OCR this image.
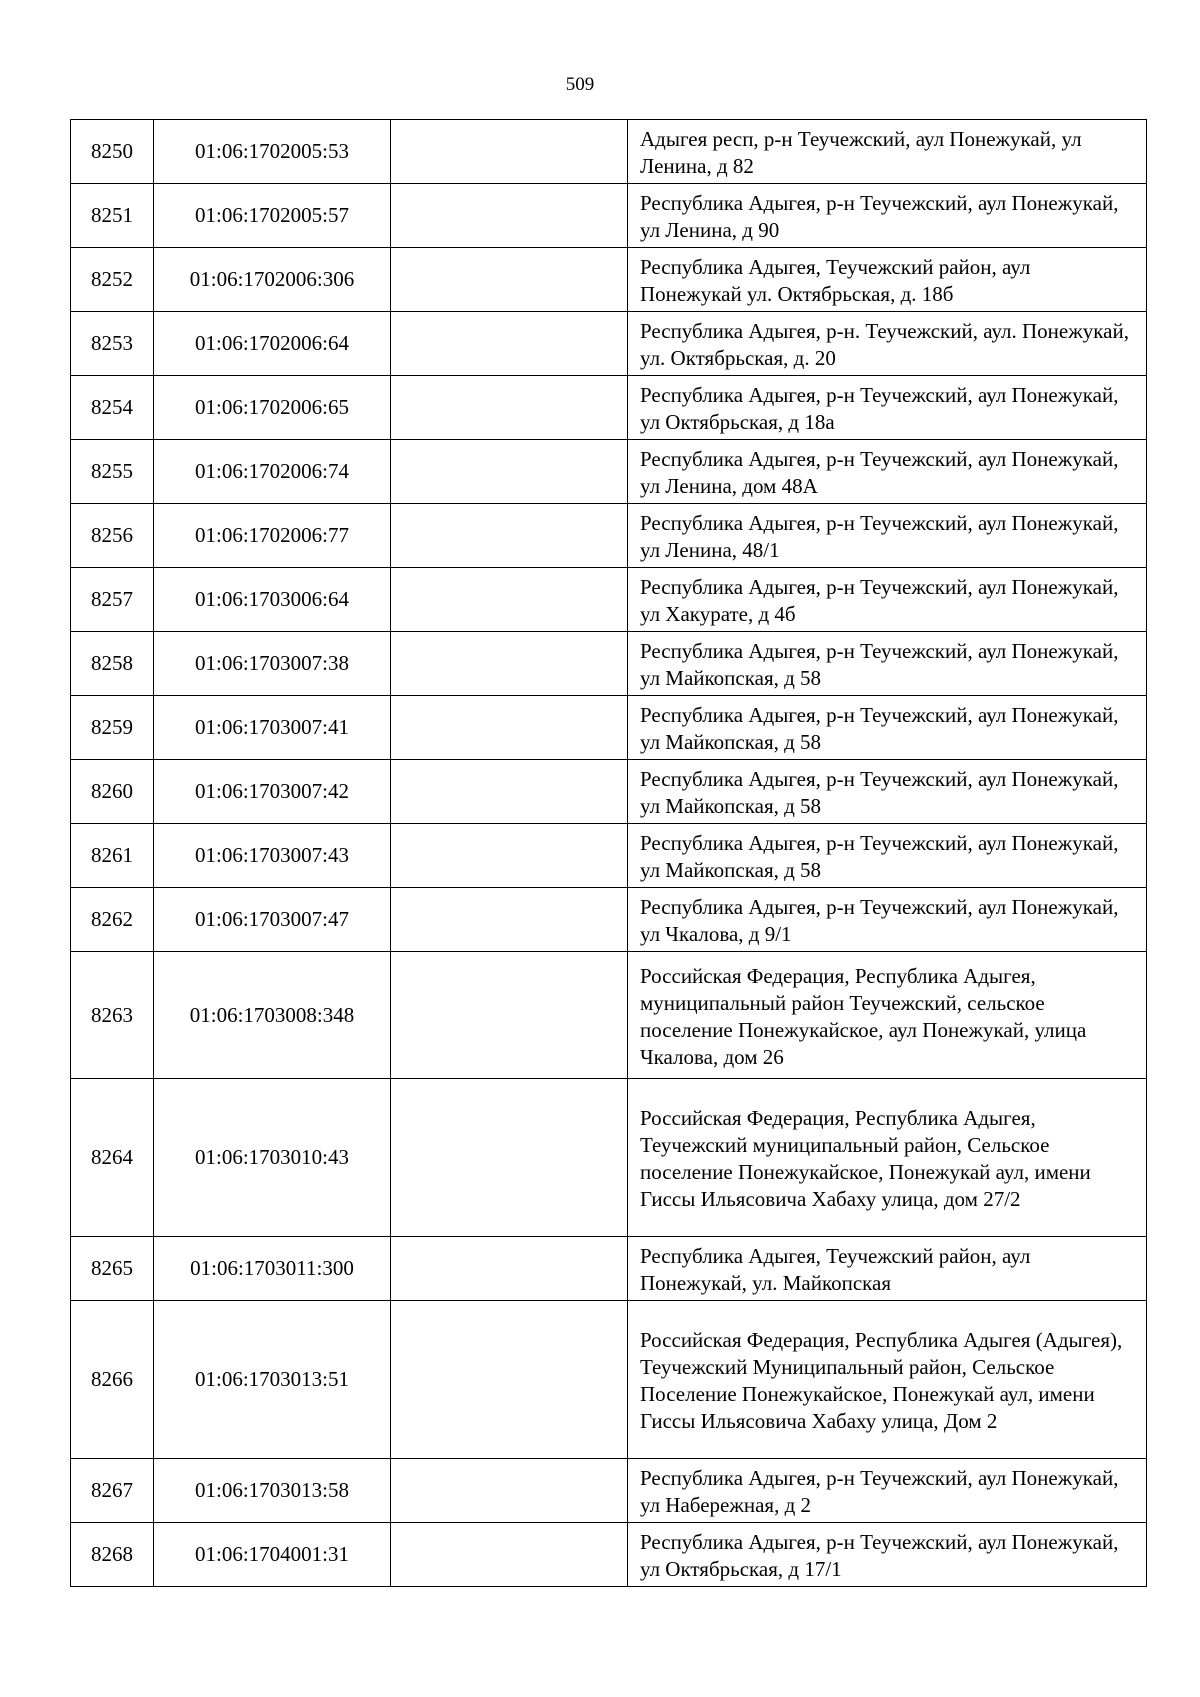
509
8250	01:06:1702005:53		Адыгея респ, р-н Теучежский, аул Понежукай, ул Ленина, д 82
8251	01:06:1702005:57		Республика Адыгея, р-н Теучежский, аул Понежукай, ул Ленина, д 90
8252	01:06:1702006:306		Республика Адыгея, Теучежский район, аул Понежукай ул. Октябрьская, д. 18б
8253	01:06:1702006:64		Республика Адыгея, р-н. Теучежский, аул. Понежукай, ул. Октябрьская, д. 20
8254	01:06:1702006:65		Республика Адыгея, р-н Теучежский, аул Понежукай, ул Октябрьская, д 18а
8255	01:06:1702006:74		Республика Адыгея, р-н Теучежский, аул Понежукай, ул Ленина, дом 48А
8256	01:06:1702006:77		Республика Адыгея, р-н Теучежский, аул Понежукай, ул Ленина, 48/1
8257	01:06:1703006:64		Республика Адыгея, р-н Теучежский, аул Понежукай, ул Хакурате, д 4б
8258	01:06:1703007:38		Республика Адыгея, р-н Теучежский, аул Понежукай, ул Майкопская, д 58
8259	01:06:1703007:41		Республика Адыгея, р-н Теучежский, аул Понежукай, ул Майкопская, д 58
8260	01:06:1703007:42		Республика Адыгея, р-н Теучежский, аул Понежукай, ул Майкопская, д 58
8261	01:06:1703007:43		Республика Адыгея, р-н Теучежский, аул Понежукай, ул Майкопская, д 58
8262	01:06:1703007:47		Республика Адыгея, р-н Теучежский, аул Понежукай, ул Чкалова, д 9/1
8263	01:06:1703008:348		Российская Федерация, Республика Адыгея, муниципальный район Теучежский, сельское поселение Понежукайское, аул Понежукай, улица Чкалова, дом 26
8264	01:06:1703010:43		Российская Федерация, Республика Адыгея, Теучежский муниципальный район, Сельское поселение Понежукайское, Понежукай аул, имени Гиссы Ильясовича Хабаху улица, дом 27/2
8265	01:06:1703011:300		Республика Адыгея, Теучежский район, аул Понежукай, ул. Майкопская
8266	01:06:1703013:51		Российская Федерация, Республика Адыгея (Адыгея), Теучежский Муниципальный район, Сельское Поселение Понежукайское, Понежукай аул, имени Гиссы Ильясовича Хабаху улица, Дом 2
8267	01:06:1703013:58		Республика Адыгея, р-н Теучежский, аул Понежукай, ул Набережная, д 2
8268	01:06:1704001:31		Республика Адыгея, р-н Теучежский, аул Понежукай, ул Октябрьская, д 17/1
